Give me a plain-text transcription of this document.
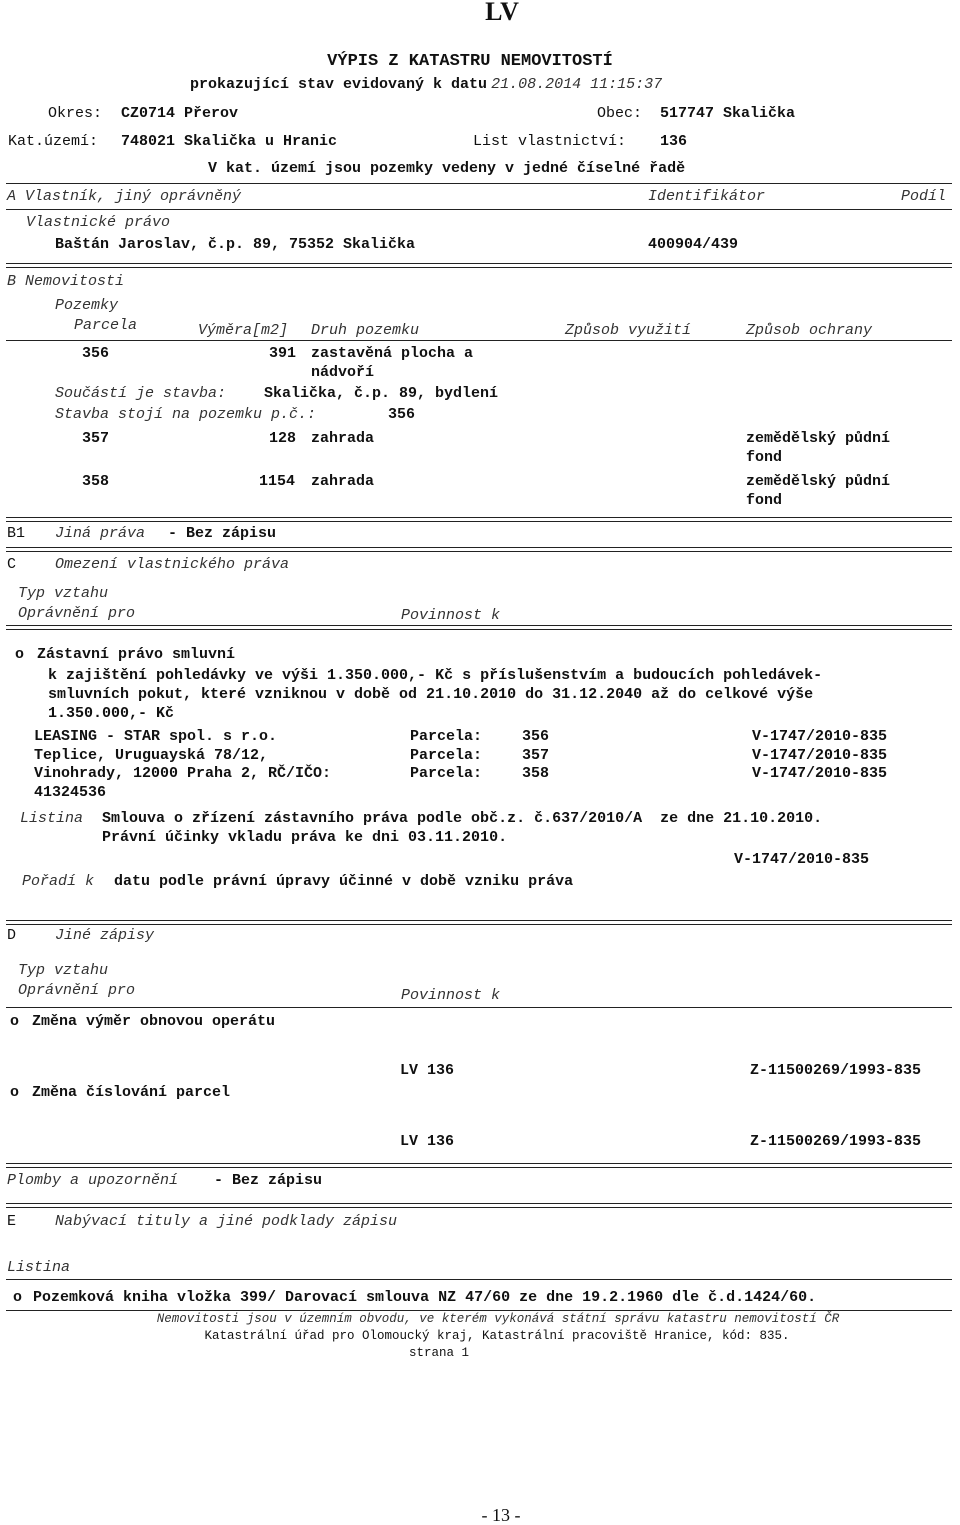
LV
VÝPIS Z KATASTRU NEMOVITOSTÍ
prokazující stav evidovaný k datu 21.08.2014 11:15:37
Okres: CZ0714 Přerov	Obec: 517747 Skalička
Kat.území: 748021 Skalička u Hranic	List vlastnictví: 136
V kat. území jsou pozemky vedeny v jedné číselné řadě
A Vlastník, jiný oprávněný	Identifikátor	Podíl
Vlastnické právo
Baštán Jaroslav, č.p. 89, 75352 Skalička	400904/439
B Nemovitosti
Pozemky
Parcela	Výměra[m2] Druh pozemku	Způsob využití	Způsob ochrany
356	391 zastavěná plocha a
nádvoří
Součástí je stavba:	Skalička, č.p. 89, bydlení
Stavba stojí na pozemku p.č.:	356
357	128 zahrada	zemědělský půdní
fond
358	1154 zahrada	zemědělský půdní
fond
B1 Jiná práva - Bez zápisu
C	Omezení vlastnického práva
Typ vztahu
Oprávnění pro	Povinnost k
o Zástavní právo smluvní
k zajištění pohledávky ve výši 1.350.000,- Kč s příslušenstvím a budoucích pohledávek-
smluvních pokut, které vzniknou v době od 21.10.2010 do 31.12.2040 až do celkové výše
1.350.000,- Kč
LEASING - STAR spol. s r.o.
Teplice, Uruguayská 78/12,
Vinohrady, 12000 Praha 2, RČ/IČO:
41324536
Parcela:	356	V-1747/2010-835
Parcela:	357	V-1747/2010-835
Parcela:	358	V-1747/2010-835
Listina Smlouva o zřízení zástavního práva podle obč.z. č.637/2010/A  ze dne 21.10.2010.
Právní účinky vkladu práva ke dni 03.11.2010.
V-1747/2010-835
Pořadí k datu podle právní úpravy účinné v době vzniku práva
D	Jiné zápisy
Typ vztahu
Oprávnění pro	Povinnost k
o Změna výměr obnovou operátu
LV 136	Z-11500269/1993-835
o Změna číslování parcel
LV 136	Z-11500269/1993-835
Plomby a upozornění - Bez zápisu
E	Nabývací tituly a jiné podklady zápisu
Listina
o Pozemková kniha vložka 399/ Darovací smlouva NZ 47/60 ze dne 19.2.1960 dle č.d.1424/60.
Nemovitosti jsou v územním obvodu, ve kterém vykonává státní správu katastru nemovitostí ČR
Katastrální úřad pro Olomoucký kraj, Katastrální pracoviště Hranice, kód: 835.
strana 1
- 13 -
